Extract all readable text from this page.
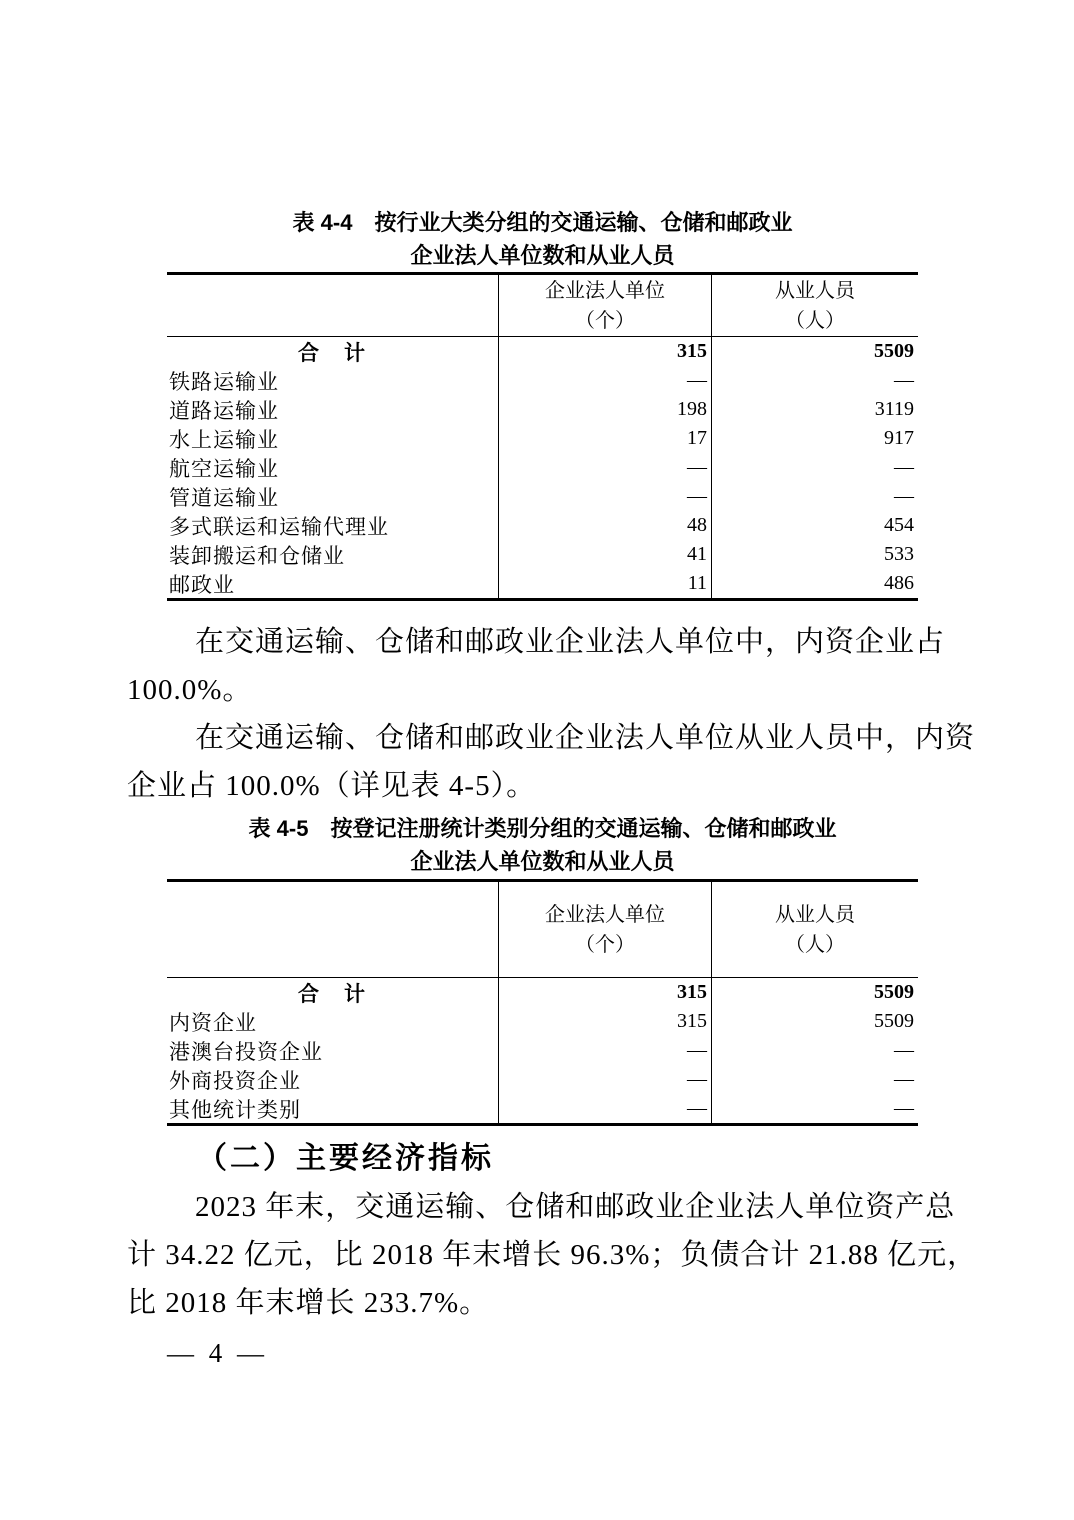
表 4-4　按行业大类分组的交通运输、仓储和邮政业
企业法人单位数和从业人员
企业法人单位
（个）
从业人员
（人）
合　计	315	5509
铁路运输业	—	—
道路运输业	198	3119
水上运输业	17	917
航空运输业	—	—
管道运输业	—	—
多式联运和运输代理业	48	454
装卸搬运和仓储业	41	533
邮政业	11	486
在交通运输、仓储和邮政业企业法人单位中，内资企业占
100.0%。
在交通运输、仓储和邮政业企业法人单位从业人员中，内资
企业占 100.0%（详见表 4-5）。
表 4-5　按登记注册统计类别分组的交通运输、仓储和邮政业
企业法人单位数和从业人员
企业法人单位
（个）
从业人员
（人）
合　计	315	5509
内资企业	315	5509
港澳台投资企业	—	—
外商投资企业	—	—
其他统计类别	—	—
（二）主要经济指标
2023 年末，交通运输、仓储和邮政业企业法人单位资产总
计 34.22 亿元，比 2018 年末增长 96.3%；负债合计 21.88 亿元，
比 2018 年末增长 233.7%。
— 4 —
